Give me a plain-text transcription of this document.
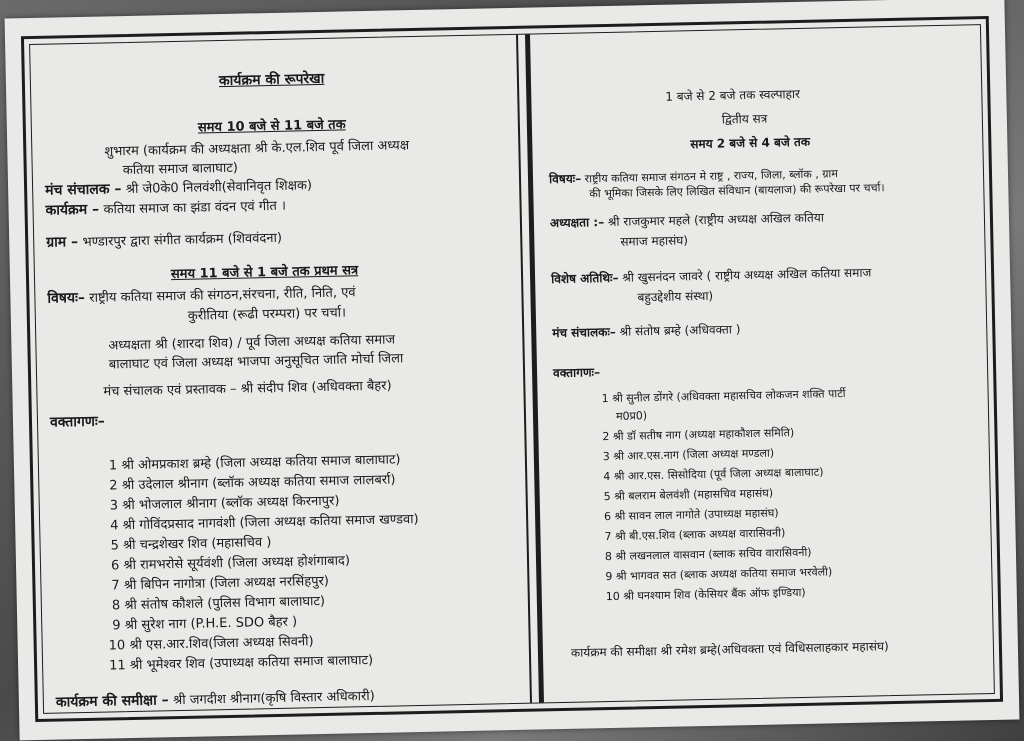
कार्यक्रम की रूपरेखा
समय 10 बजे से 11 बजे तक
शुभारम (कार्यक्रम की अध्यक्षता श्री के.एल.शिव पूर्व जिला अध्यक्ष
कतिया समाज बालाघाट)
मंच संचालक – श्री जे0के0 निलवंशी(सेवानिवृत शिक्षक)
कार्यक्रम – कतिया समाज का झंडा वंदन एवं गीत ।
ग्राम – भण्डारपुर द्वारा संगीत कार्यक्रम (शिववंदना)
समय 11 बजे से 1 बजे तक प्रथम सत्र
विषयः– राष्ट्रीय कतिया समाज की संगठन,संरचना, रीति, निति, एवं
कुरीतिया (रूढी परम्परा) पर चर्चा।
अध्यक्षता श्री (शारदा शिव) / पूर्व जिला अध्यक्ष कतिया समाज
बालाघाट एवं जिला अध्यक्ष भाजपा अनुसूचित जाति मोर्चा जिला
मंच संचालक एवं प्रस्तावक – श्री संदीप शिव (अधिवक्ता बैहर)
वक्तागणः–
1 श्री ओमप्रकाश ब्रम्हे (जिला अध्यक्ष कतिया समाज बालाघाट)
2 श्री उदेलाल श्रीनाग (ब्लॉक अध्यक्ष कतिया समाज लालबर्रा)
3 श्री भोजलाल श्रीनाग (ब्लॉक अध्यक्ष किरनापुर)
4 श्री गोविंदप्रसाद नागवंशी (जिला अध्यक्ष कतिया समाज खण्डवा)
5 श्री चन्द्रशेखर शिव (महासचिव )
6 श्री रामभरोसे सूर्यवंशी (जिला अध्यक्ष होशंगाबाद)
7 श्री बिपिन नागोत्रा (जिला अध्यक्ष नरसिंहपुर)
8 श्री संतोष कौशले (पुलिस विभाग बालाघाट)
9 श्री सुरेश नाग (P.H.E. SDO बैहर )
10 श्री एस.आर.शिव(जिला अध्यक्ष सिवनी)
11 श्री भूमेश्वर शिव (उपाध्यक्ष कतिया समाज बालाघाट)
कार्यक्रम की समीक्षा – श्री जगदीश श्रीनाग(कृषि विस्तार अधिकारी)
1 बजे से 2 बजे तक स्वल्पाहार
द्वितीय सत्र
समय 2 बजे से 4 बजे तक
विषयः– राष्ट्रीय कतिया समाज संगठन मे राष्ट्र , राज्य, जिला, ब्लॉक , ग्राम
की भूमिका जिसके लिए लिखित संविधान (बायलाज) की रूपरेखा पर चर्चा।
अध्यक्षता :– श्री राजकुमार महले (राष्ट्रीय अध्यक्ष अखिल कतिया
समाज महासंघ)
विशेष अतिथिः– श्री खुसनंदन जावरे ( राष्ट्रीय अध्यक्ष अखिल कतिया समाज
बहुउद्देशीय संस्था)
मंच संचालकः– श्री संतोष ब्रम्हे (अधिवक्ता )
वक्तागणः–
1 श्री सुनील डोंगरे (अधिवक्ता महासचिव लोकजन शक्ति पार्टी
म0प्र0)
2 श्री डॉ सतीष नाग (अध्यक्ष महाकौशल समिति)
3 श्री आर.एस.नाग (जिला अध्यक्ष मण्डला)
4 श्री आर.एस. सिसोदिया (पूर्व जिला अध्यक्ष बालाघाट)
5 श्री बलराम बेलवंशी (महासचिव महासंघ)
6 श्री सावन लाल नागोते (उपाध्यक्ष महासंघ)
7 श्री बी.एस.शिव (ब्लाक अध्यक्ष वारासिवनी)
8 श्री लखनलाल वासवान (ब्लाक सचिव वारासिवनी)
9 श्री भागवत सत (ब्लाक अध्यक्ष कतिया समाज भरवेली)
10 श्री घनश्याम शिव (केसियर बैंक ऑफ इण्डिया)
कार्यक्रम की समीक्षा श्री रमेश ब्रम्हे(अधिवक्ता एवं विधिसलाहकार महासंघ)
